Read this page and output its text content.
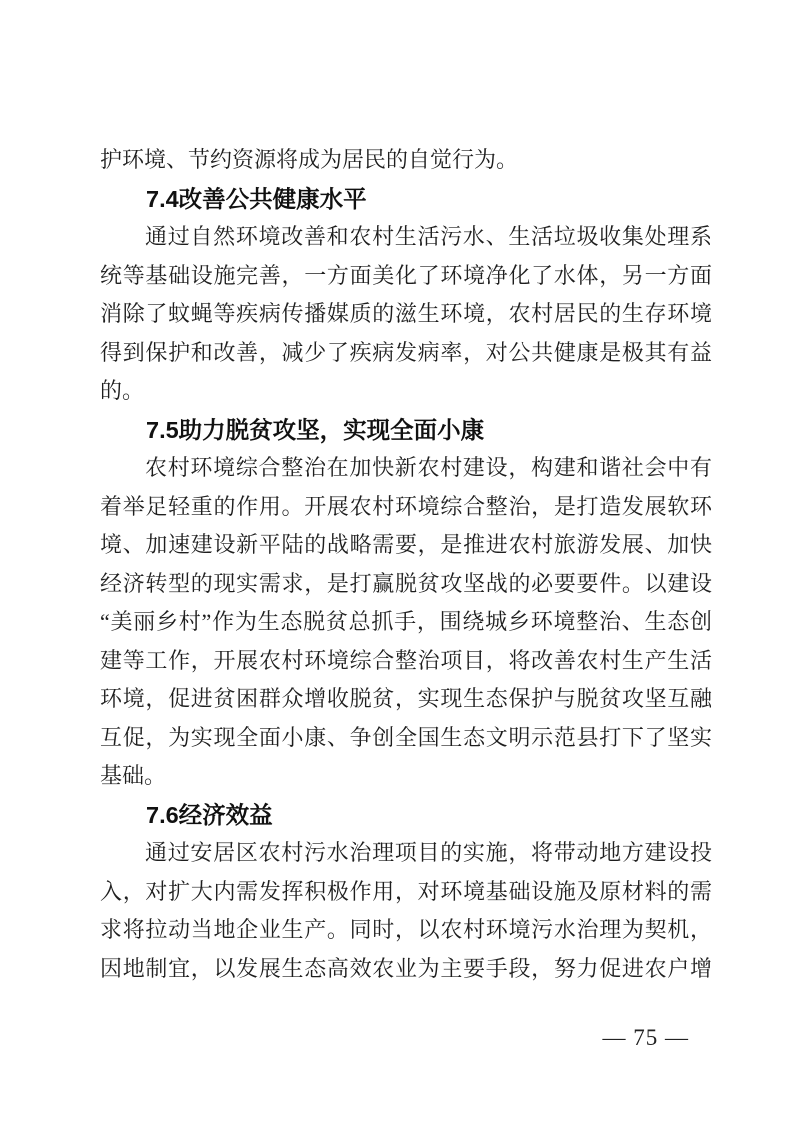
护环境、节约资源将成为居民的自觉行为。
7.4改善公共健康水平
通过自然环境改善和农村生活污水、生活垃圾收集处理系
统等基础设施完善，一方面美化了环境净化了水体，另一方面
消除了蚊蝇等疾病传播媒质的滋生环境，农村居民的生存环境
得到保护和改善，减少了疾病发病率，对公共健康是极其有益
的。
7.5助力脱贫攻坚，实现全面小康
农村环境综合整治在加快新农村建设，构建和谐社会中有
着举足轻重的作用。开展农村环境综合整治，是打造发展软环
境、加速建设新平陆的战略需要，是推进农村旅游发展、加快
经济转型的现实需求，是打赢脱贫攻坚战的必要要件。以建设
“美丽乡村”作为生态脱贫总抓手，围绕城乡环境整治、生态创
建等工作，开展农村环境综合整治项目，将改善农村生产生活
环境，促进贫困群众增收脱贫，实现生态保护与脱贫攻坚互融
互促，为实现全面小康、争创全国生态文明示范县打下了坚实
基础。
7.6经济效益
通过安居区农村污水治理项目的实施，将带动地方建设投
入，对扩大内需发挥积极作用，对环境基础设施及原材料的需
求将拉动当地企业生产。同时，以农村环境污水治理为契机，
因地制宜，以发展生态高效农业为主要手段，努力促进农户增
— 75 —
